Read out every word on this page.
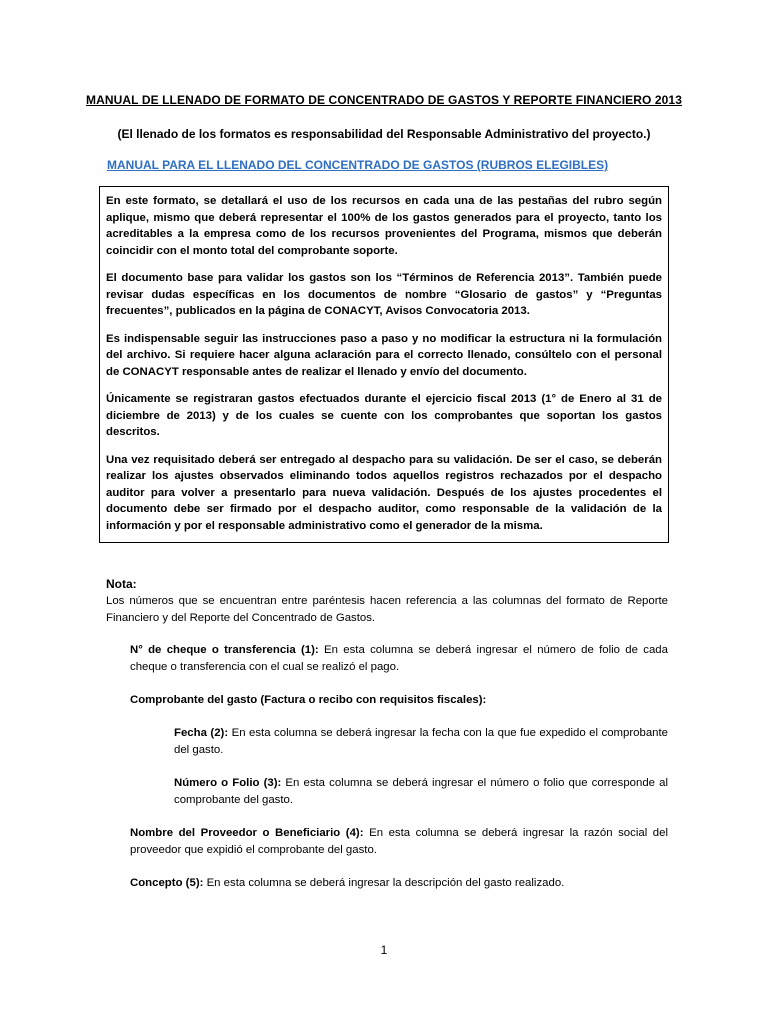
MANUAL DE LLENADO DE FORMATO DE CONCENTRADO DE GASTOS Y REPORTE FINANCIERO 2013
(El llenado de los formatos es responsabilidad del Responsable Administrativo del proyecto.)
MANUAL PARA EL LLENADO DEL CONCENTRADO DE GASTOS (RUBROS ELEGIBLES)

En este formato, se detallará el uso de los recursos en cada una de las pestañas del rubro según aplique, mismo que deberá representar el 100% de los gastos generados para el proyecto, tanto los acreditables a la empresa como de los recursos provenientes del Programa, mismos que deberán coincidir con el monto total del comprobante soporte.

El documento base para validar los gastos son los “Términos de Referencia 2013”. También puede revisar dudas específicas en los documentos de nombre “Glosario de gastos” y “Preguntas frecuentes”, publicados en la página de CONACYT, Avisos Convocatoria 2013.

Es indispensable seguir las instrucciones paso a paso y no modificar la estructura ni la formulación del archivo. Si requiere hacer alguna aclaración para el correcto llenado, consúltelo con el personal de CONACYT responsable antes de realizar el llenado y envío del documento.

Únicamente se registraran gastos efectuados durante el ejercicio fiscal 2013 (1° de Enero al 31 de diciembre de 2013) y de los cuales se cuente con los comprobantes que soportan los gastos descritos.

Una vez requisitado deberá ser entregado al despacho para su validación. De ser el caso, se deberán realizar los ajustes observados eliminando todos aquellos registros rechazados por el despacho auditor para volver a presentarlo para nueva validación. Después de los ajustes procedentes el documento debe ser firmado por el despacho auditor, como responsable de la validación de la información y por el responsable administrativo como el generador de la misma.

Nota:

Los números que se encuentran entre paréntesis hacen referencia a las columnas del formato de Reporte Financiero y del Reporte del Concentrado de Gastos.

N° de cheque o transferencia (1): En esta columna se deberá ingresar el número de folio de cada cheque o transferencia con el cual se realizó el pago.

Comprobante del gasto (Factura o recibo con requisitos fiscales):

Fecha (2): En esta columna se deberá ingresar la fecha con la que fue expedido el comprobante del gasto.

Número o Folio (3): En esta columna se deberá ingresar el número o folio que corresponde al comprobante del gasto.

Nombre del Proveedor o Beneficiario (4): En esta columna se deberá ingresar la razón social del proveedor que expidió el comprobante del gasto.

Concepto (5): En esta columna se deberá ingresar la descripción del gasto realizado.

1
